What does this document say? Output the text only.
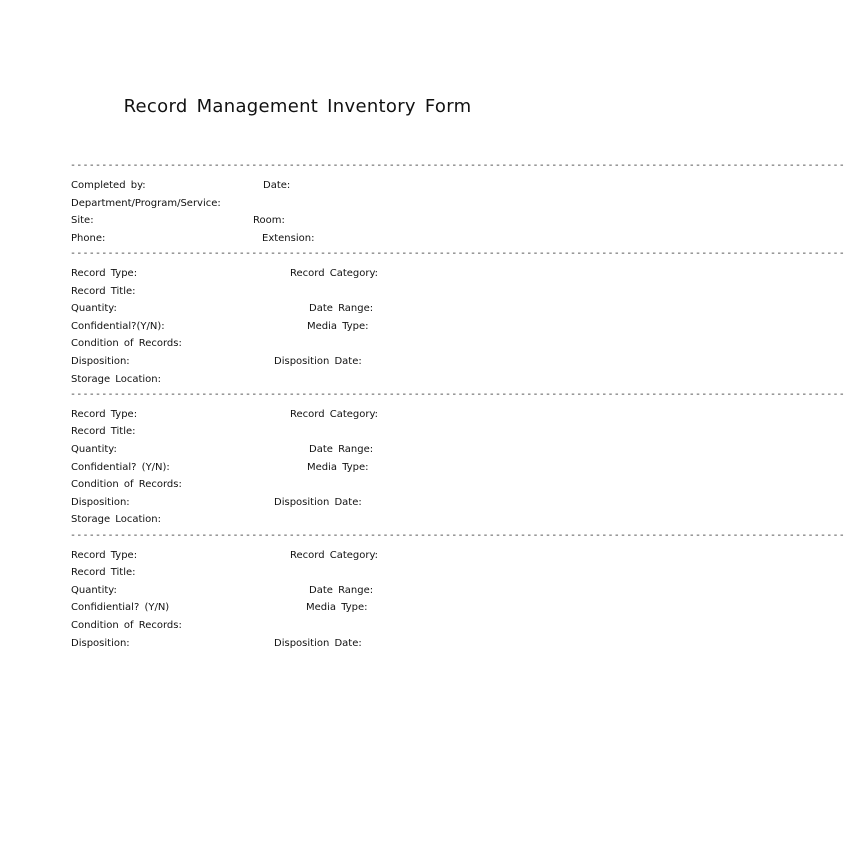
Record Management Inventory Form
----------------------------------------------------------------------------------------------------------------------------
Completed by:	Date:
Department/Program/Service:
Site:	Room:
Phone:	Extension:
----------------------------------------------------------------------------------------------------------------------------
Record Type:	Record Category:
Record Title:
Quantity:	Date Range:
Confidential?(Y/N):	Media Type:
Condition of Records:
Disposition:	Disposition Date:
Storage Location:
----------------------------------------------------------------------------------------------------------------------------
Record Type:	Record Category:
Record Title:
Quantity:	Date Range:
Confidential? (Y/N):	Media Type:
Condition of Records:
Disposition:	Disposition Date:
Storage Location:
----------------------------------------------------------------------------------------------------------------------------
Record Type:	Record Category:
Record Title:
Quantity:	Date Range:
Confidiential? (Y/N)	Media Type:
Condition of Records:
Disposition:	Disposition Date:
